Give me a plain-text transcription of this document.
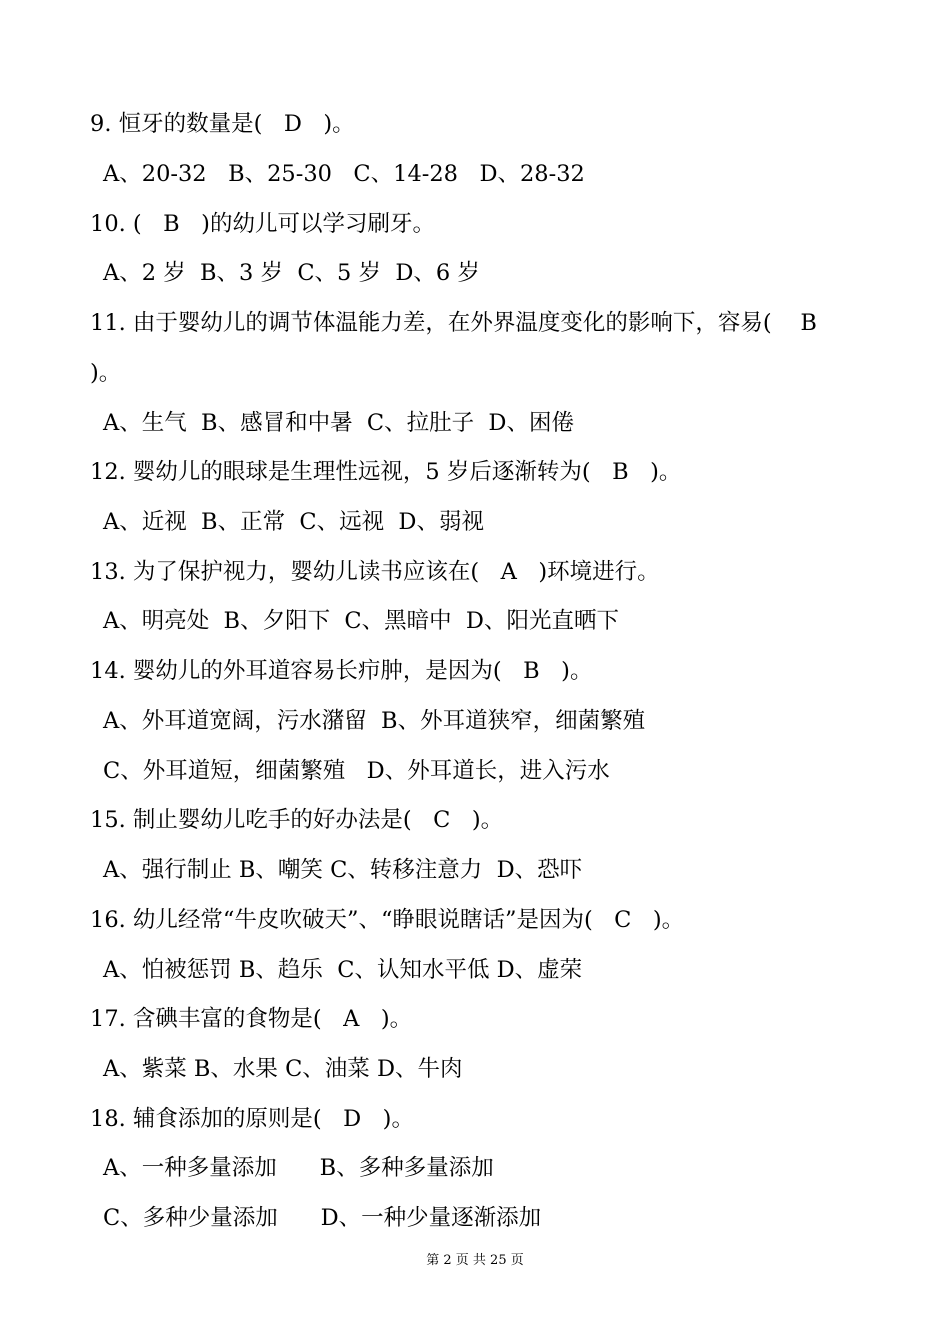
9. 恒牙的数量是(   D   )。
A、20-32   B、25-30   C、14-28   D、28-32
10. (   B   )的幼儿可以学习刷牙。
A、2 岁  B、3 岁  C、5 岁  D、6 岁
11. 由于婴幼儿的调节体温能力差，在外界温度变化的影响下，容易(    B
)。
A、生气  B、感冒和中暑  C、拉肚子  D、困倦
12. 婴幼儿的眼球是生理性远视，5 岁后逐渐转为(   B   )。
A、近视  B、正常  C、远视  D、弱视
13. 为了保护视力，婴幼儿读书应该在(   A   )环境进行。
A、明亮处  B、夕阳下  C、黑暗中  D、阳光直晒下
14. 婴幼儿的外耳道容易长疖肿，是因为(   B   )。
A、外耳道宽阔，污水潴留  B、外耳道狭窄，细菌繁殖
C、外耳道短，细菌繁殖   D、外耳道长，进入污水
15. 制止婴幼儿吃手的好办法是(   C   )。
A、强行制止 B、嘲笑 C、转移注意力  D、恐吓
16. 幼儿经常“牛皮吹破天”、“睁眼说瞎话”是因为(   C   )。
A、怕被惩罚 B、趋乐  C、认知水平低 D、虚荣
17. 含碘丰富的食物是(   A   )。
A、紫菜 B、水果 C、油菜 D、牛肉
18. 辅食添加的原则是(   D   )。
A、一种多量添加      B、多种多量添加
C、多种少量添加      D、一种少量逐渐添加
第 2 页 共 25 页
